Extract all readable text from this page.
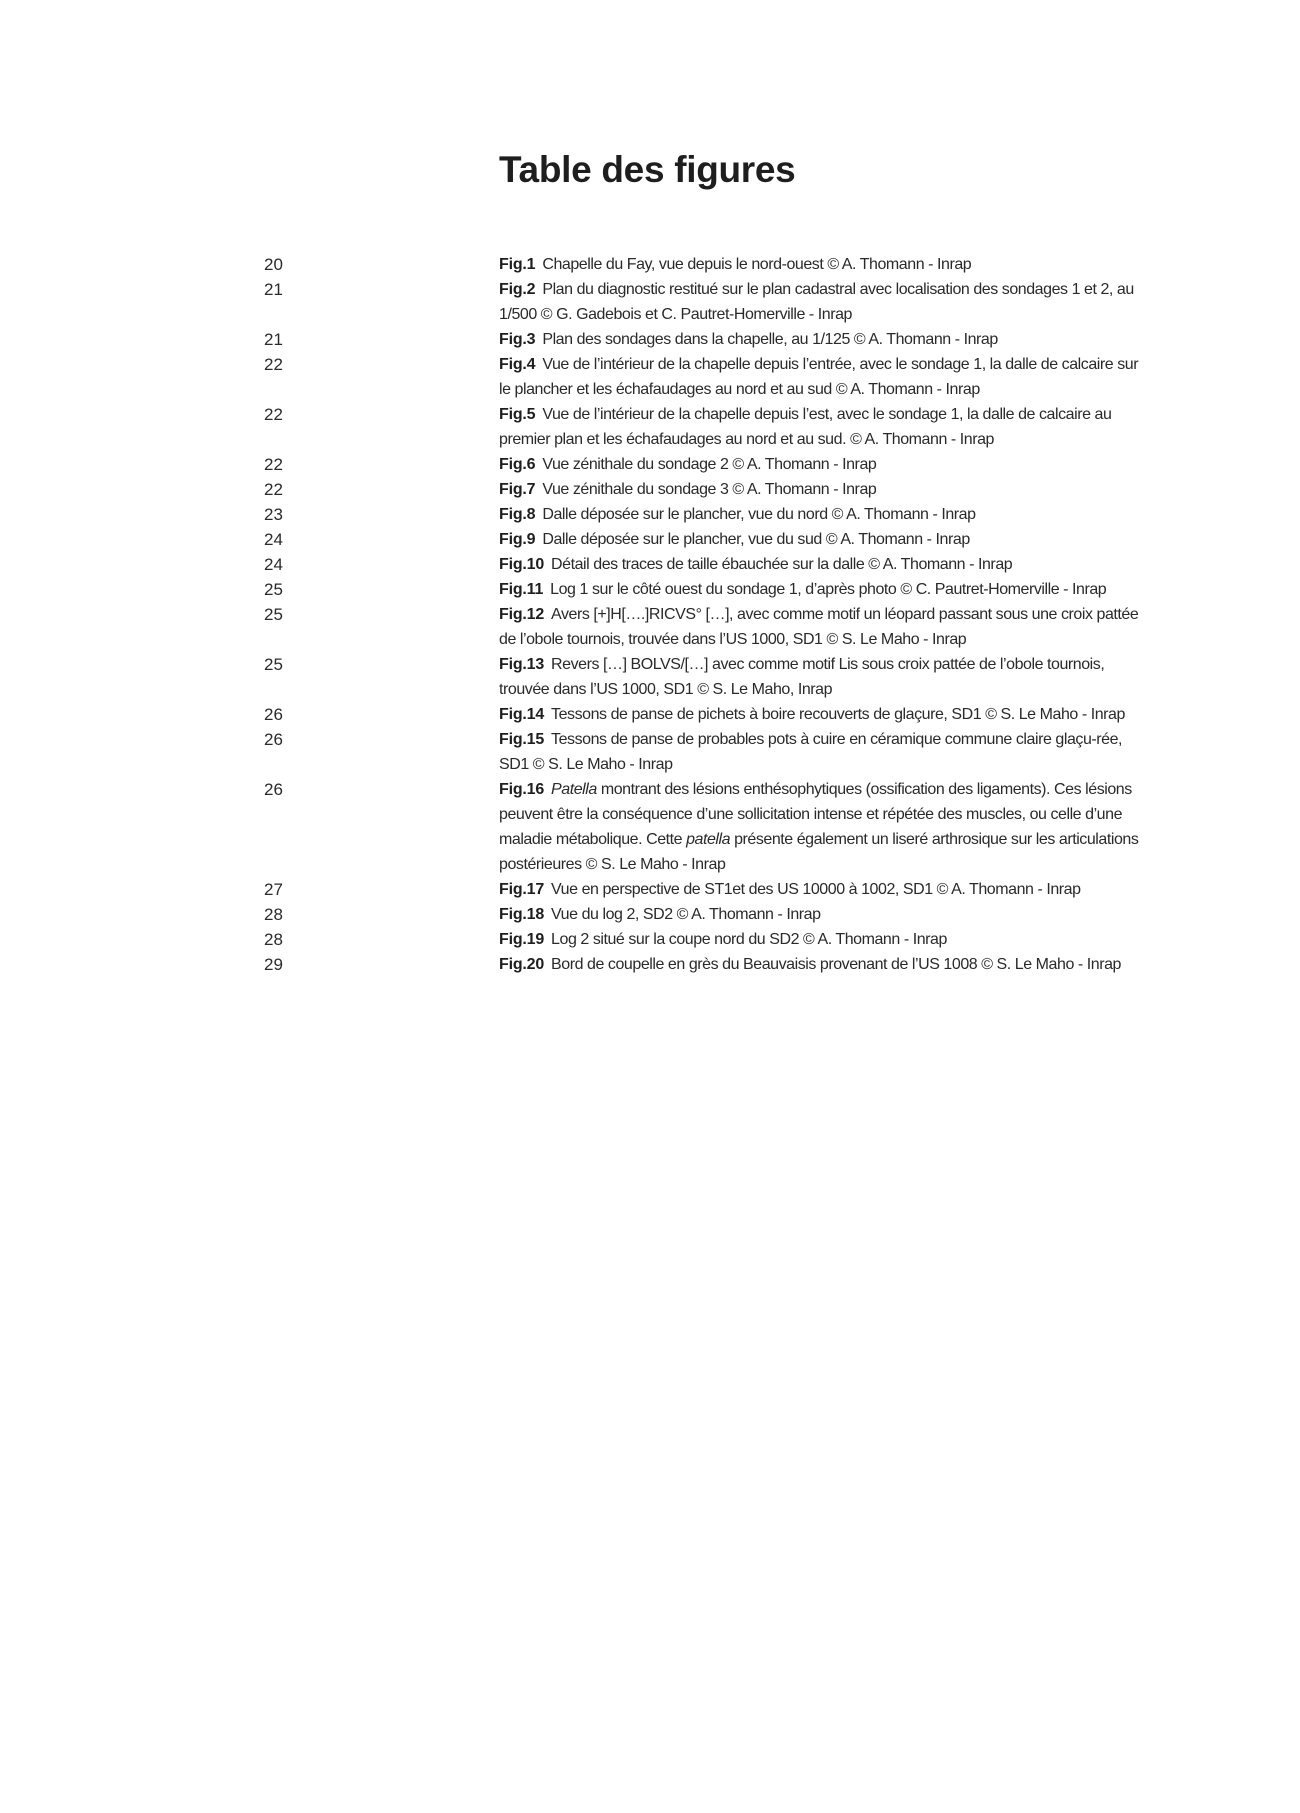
Table des figures
20	Fig.1 Chapelle du Fay, vue depuis le nord-ouest © A. Thomann - Inrap
21	Fig.2 Plan du diagnostic restitué sur le plan cadastral avec localisation des sondages 1 et 2, au 1/500 © G. Gadebois et C. Pautret-Homerville - Inrap
21	Fig.3 Plan des sondages dans la chapelle, au 1/125 © A. Thomann - Inrap
22	Fig.4 Vue de l’intérieur de la chapelle depuis l’entrée, avec le sondage 1, la dalle de calcaire sur le plancher et les échafaudages au nord et au sud © A. Thomann - Inrap
22	Fig.5 Vue de l’intérieur de la chapelle depuis l’est, avec le sondage 1, la dalle de calcaire au premier plan et les échafaudages au nord et au sud. © A. Thomann - Inrap
22	Fig.6 Vue zénithale du sondage 2 © A. Thomann - Inrap
22	Fig.7 Vue zénithale du sondage 3 © A. Thomann - Inrap
23	Fig.8 Dalle déposée sur le plancher, vue du nord © A. Thomann - Inrap
24	Fig.9 Dalle déposée sur le plancher, vue du sud © A. Thomann - Inrap
24	Fig.10 Détail des traces de taille ébauchée sur la dalle © A. Thomann - Inrap
25	Fig.11 Log 1 sur le côté ouest du sondage 1, d’après photo © C. Pautret-Homerville - Inrap
25	Fig.12 Avers [+]H[….]RICVS° […], avec comme motif un léopard passant sous une croix pattée de l’obole tournois, trouvée dans l’US 1000, SD1 © S. Le Maho - Inrap
25	Fig.13 Revers […] BOLVS/[…] avec comme motif Lis sous croix pattée de l’obole tournois, trouvée dans l’US 1000, SD1 © S. Le Maho, Inrap
26	Fig.14 Tessons de panse de pichets à boire recouverts de glaçure, SD1 © S. Le Maho - Inrap
26	Fig.15 Tessons de panse de probables pots à cuire en céramique commune claire glaçu-rée, SD1 © S. Le Maho - Inrap
26	Fig.16 Patella montrant des lésions enthésophytiques (ossification des ligaments). Ces lésions peuvent être la conséquence d’une sollicitation intense et répétée des muscles, ou celle d’une maladie métabolique. Cette patella présente également un liseré arthrosique sur les articulations postérieures © S. Le Maho - Inrap
27	Fig.17 Vue en perspective de ST1et des US 10000 à 1002, SD1 © A. Thomann - Inrap
28	Fig.18 Vue du log 2, SD2 © A. Thomann - Inrap
28	Fig.19 Log 2 situé sur la coupe nord du SD2 © A. Thomann - Inrap
29	Fig.20 Bord de coupelle en grès du Beauvaisis provenant de l’US 1008 © S. Le Maho - Inrap
